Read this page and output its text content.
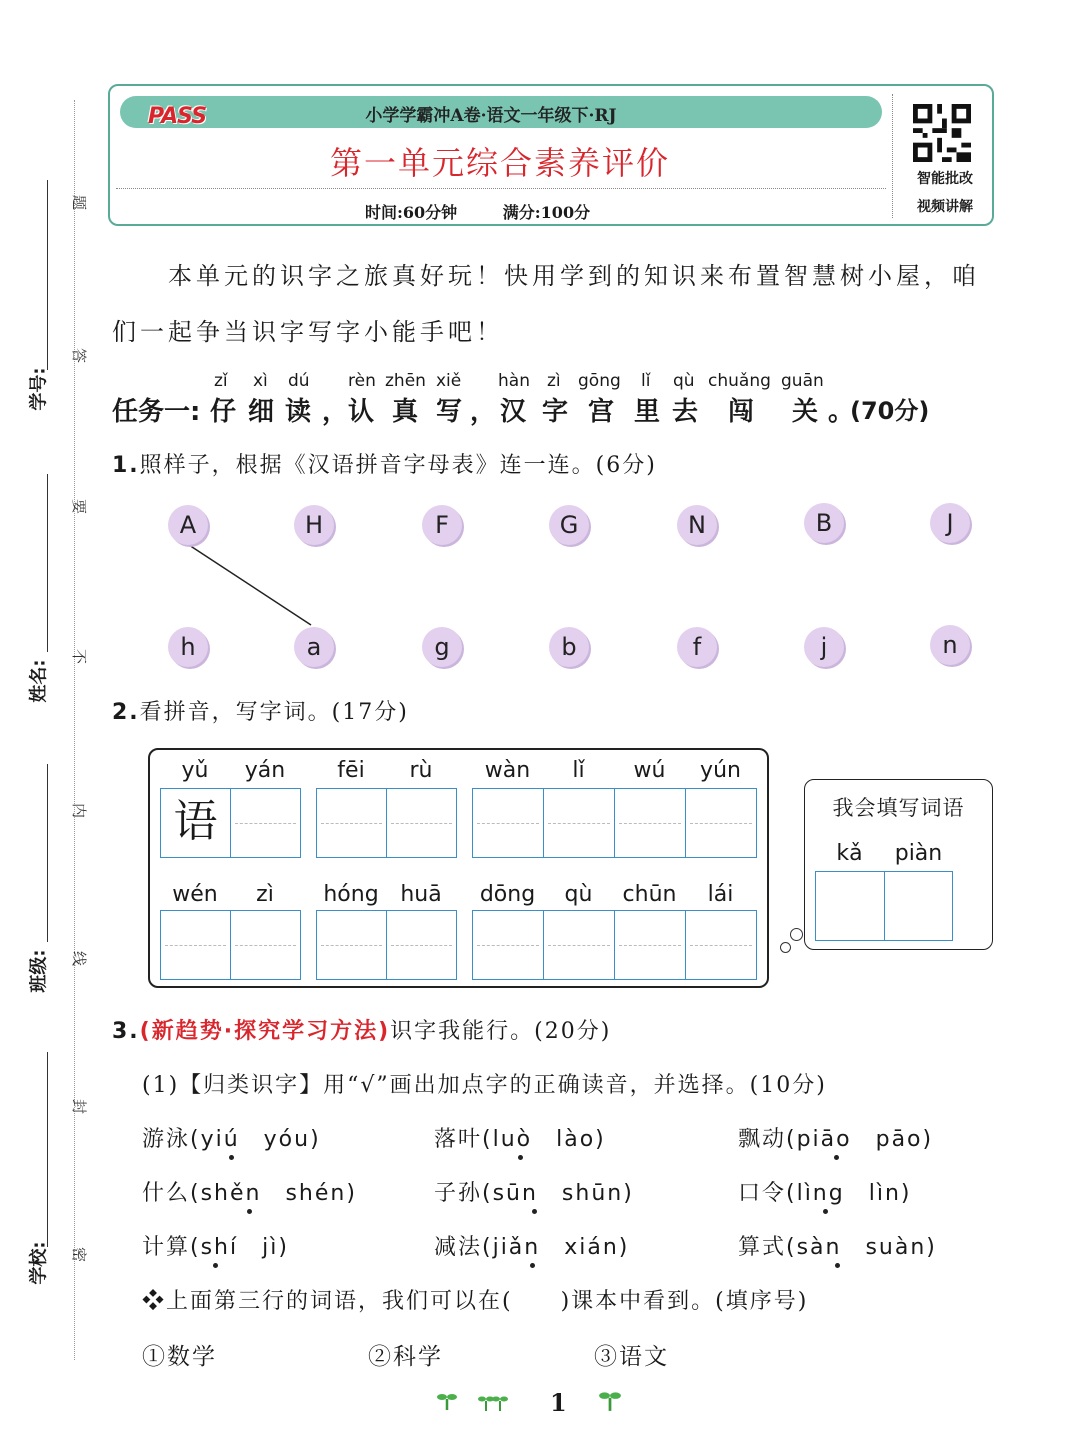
学号:
姓名:
班级:
学校:
题
答
要
不
内
线
封
密
PASS	小学学霸冲A卷·语文一年级下·RJ
第一单元综合素养评价
时间:60分钟	满分:100分
智能批改
视频讲解
本单元的识字之旅真好玩！快用学到的知识来布置智慧树小屋，咱
们一起争当识字写字小能手吧！
zǐ xì dú rèn zhēn xiě hàn zì gōng lǐ qù chuǎng guān
任务一: 仔 细 读 ， 认 真 写 ， 汉 字 宫 里 去 闯 关 。
(70分)
1.照样子，根据《汉语拼音字母表》连一连。(6分)
A	H	F	G	N	B	J
h	a	g	b	f	j	n
2.看拼音，写字词。(17分)
yǔ	yán	fēi	rù	wàn	lǐ	wú	yún
语
wén	zì	hóng huā	dōng	qù	chūn	lái
我会填写词语
kǎ	piàn
3.(新趋势·探究学习方法)识字我能行。(20分)
(1)【归类识字】用“√”画出加点字的正确读音，并选择。(10分)
游泳(yiú　yóu)	落叶(luò　lào)	飘动(piāo　pāo)
什么(shěn　shén)	子孙(sūn　shūn)	口令(lìng　lìn)
计算(shí　jì)	减法(jiǎn　xián)	算式(sàn　suàn)
❖上面第三行的词语，我们可以在(　　)课本中看到。(填序号)
①数学	②科学	③语文
1
